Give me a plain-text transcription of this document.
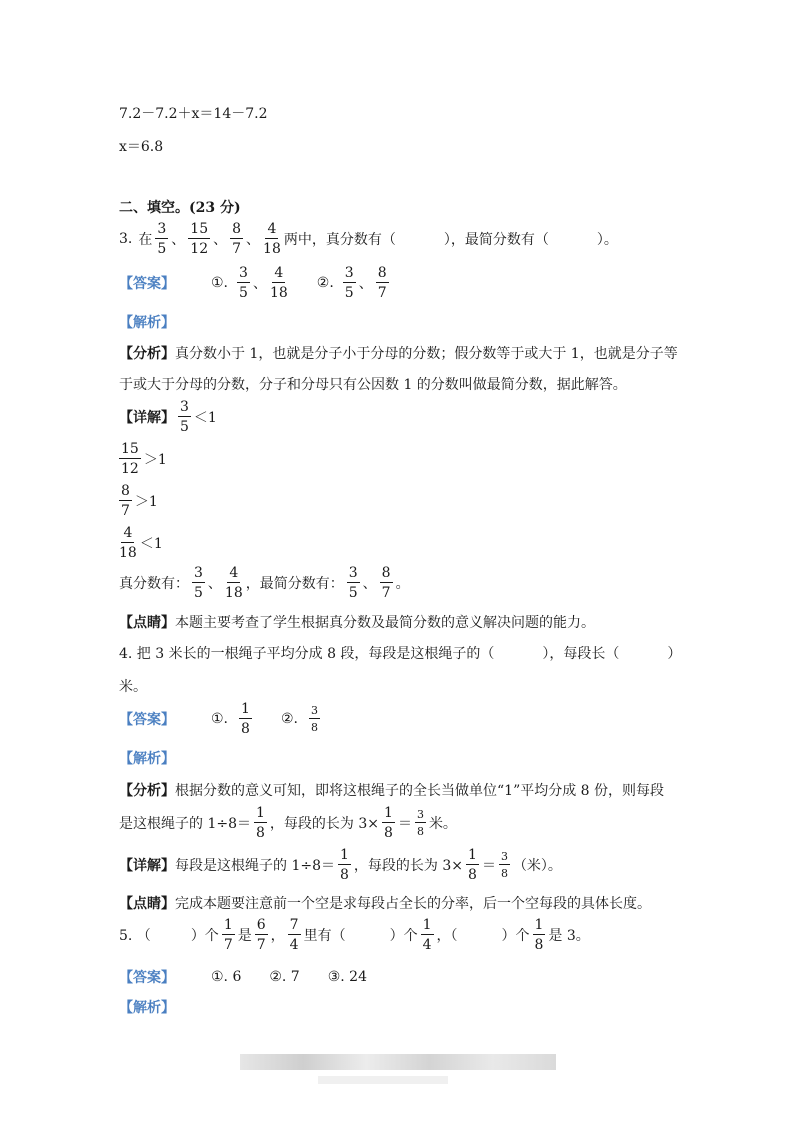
7.2－7.2＋x＝14－7.2
x＝6.8
二、填空。(23 分)
3. 在 $\frac{3}{5}$ 、 $\frac{15}{12}$ 、 $\frac{8}{7}$ 、 $\frac{4}{18}$ 两中，真分数有（	），最简分数有（	）。
【答案】	①. $\frac{3}{5}$ 、 $\frac{4}{18}$ ②. $\frac{3}{5}$ 、 $\frac{8}{7}$
【解析】
【分析】 真分数小于 1，也就是分子小于分母的分数；假分数等于或大于 1，也就是分子等
于或大于分母的分数，分子和分母只有公因数 1 的分数叫做最简分数，据此解答。
【详解】 $\frac{3}{5} <1$
$\frac{15}{12} >1$
$\frac{8}{7} >1$
$\frac{4}{18} <1$
真分数有： $\frac{3}{5}$ 、 $\frac{4}{18}$ ，最简分数有： $\frac{3}{5}$ 、 $\frac{8}{7}$ 。
【点睛】 本题主要考查了学生根据真分数及最简分数的意义解决问题的能力。
4. 把 3 米长的一根绳子平均分成 8 段，每段是这根绳子的（	），每段长（	）
米。
【答案】	①. $\frac{1}{8}$ ②. $\frac{3}{8}$
【解析】
【分析】 根据分数的意义可知，即将这根绳子的全长当做单位“1”平均分成 8 份，则每段
是这根绳子的 $1\div 8= \frac{1}{8}$ ，每段的长为 $3\times \frac{1}{8} = \frac{3}{8}$ 米。
【详解】 每段是这根绳子的 $1\div 8= \frac{1}{8}$ ，每段的长为 $3\times \frac{1}{8} = \frac{3}{8}$ （米）。
【点睛】 完成本题要注意前一个空是求每段占全长的分率，后一个空每段的具体长度。
5. （	）个 $\frac{1}{7}$ 是 $\frac{6}{7}$ ， $\frac{7}{4}$ 里有（	）个 $\frac{1}{4}$ ，（	）个 $\frac{1}{8}$ 是 3。
【答案】	①. 6 ②. 7 ③. 24
【解析】
